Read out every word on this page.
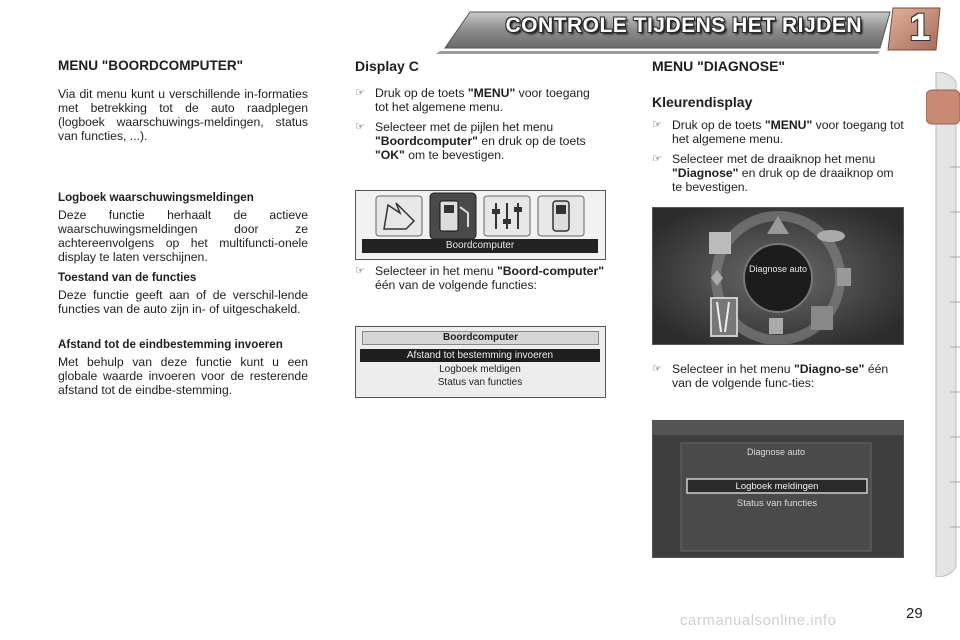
CONTROLE TIJDENS HET RIJDEN 1
MENU "BOORDCOMPUTER"

Via dit menu kunt u verschillende in-formaties met betrekking tot de auto raadplegen (logboek waarschuwings-meldingen, status van functies, ...).

Logboek waarschuwingsmeldingen

Deze functie herhaalt de actieve waarschuwingsmeldingen door ze achtereenvolgens op het multifuncti-onele display te laten verschijnen.

Toestand van de functies

Deze functie geeft aan of de verschil-lende functies van de auto zijn in- of uitgeschakeld.

Afstand tot de eindbestemming invoeren

Met behulp van deze functie kunt u een globale waarde invoeren voor de resterende afstand tot de eindbe-stemming.

Display C
☞ Druk op de toets "MENU" voor toegang tot het algemene menu.
☞ Selecteer met de pijlen het menu "Boordcomputer" en druk op de toets "OK" om te bevestigen.
Boordcomputer
☞ Selecteer in het menu "Boord-computer" één van de volgende functies:
Boordcomputer
Afstand tot bestemming invoeren
Logboek meldigen
Status van functies
MENU "DIAGNOSE"
Kleurendisplay
☞ Druk op de toets "MENU" voor toegang tot het algemene menu.
☞ Selecteer met de draaiknop het menu "Diagnose" en druk op de draaiknop om te bevestigen.
Diagnose auto
☞ Selecteer in het menu "Diagno-se" één van de volgende func-ties:
Diagnose auto
Logboek meldingen
Status van functies
29
carmanualsonline.info
